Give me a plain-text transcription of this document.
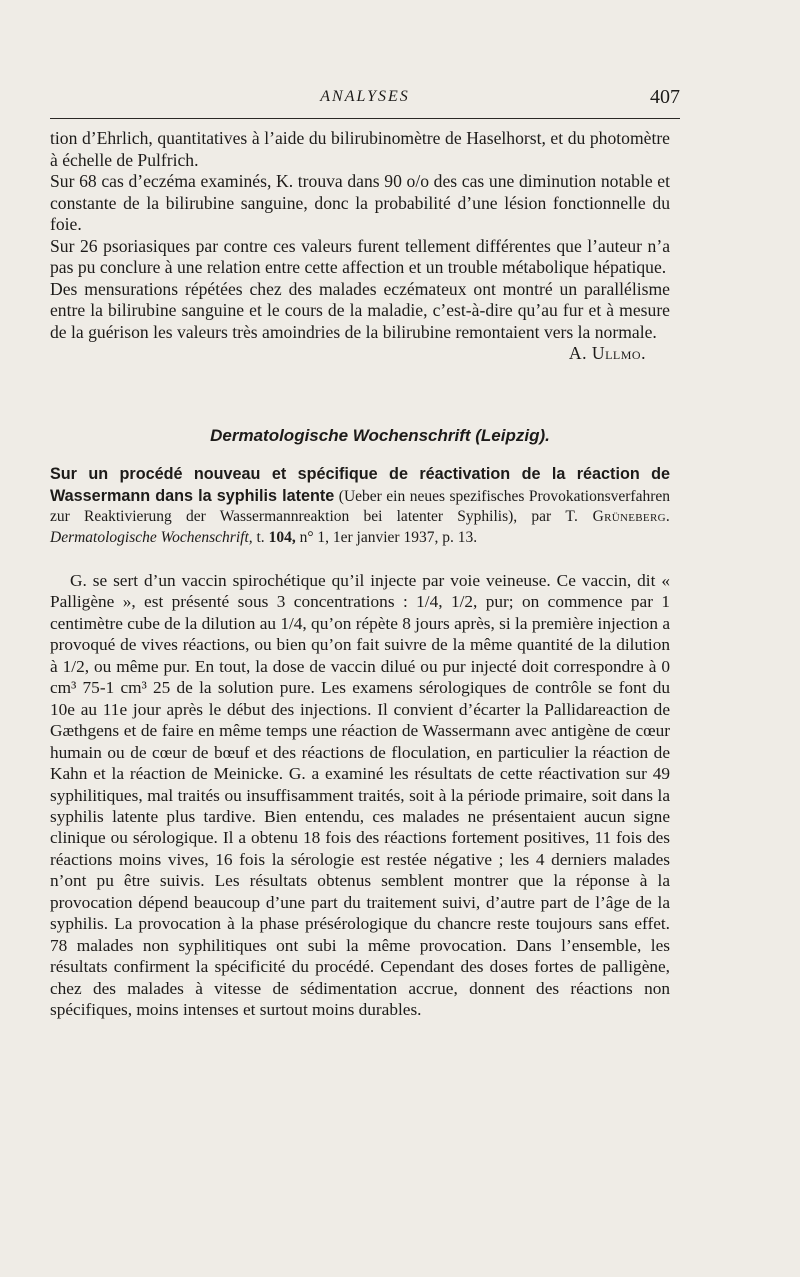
ANALYSES	407

tion d’Ehrlich, quantitatives à l’aide du bilirubinomètre de Haselhorst, et du photomètre à échelle de Pulfrich.

Sur 68 cas d’eczéma examinés, K. trouva dans 90 o/o des cas une diminution notable et constante de la bilirubine sanguine, donc la probabilité d’une lésion fonctionnelle du foie.

Sur 26 psoriasiques par contre ces valeurs furent tellement différentes que l’auteur n’a pas pu conclure à une relation entre cette affection et un trouble métabolique hépatique.

Des mensurations répétées chez des malades eczémateux ont montré un parallélisme entre la bilirubine sanguine et le cours de la maladie, c’est-à-dire qu’au fur et à mesure de la guérison les valeurs très amoindries de la bilirubine remontaient vers la normale.
A. Ullmo.

Dermatologische Wochenschrift (Leipzig).
Sur un procédé nouveau et spécifique de réactivation de la réaction de Wassermann dans la syphilis latente (Ueber ein neues spezifisches Provokationsverfahren zur Reaktivierung der Wassermannreaktion bei latenter Syphilis), par T. Grüneberg. Dermatologische Wochenschrift, t. 104, n° 1, 1er janvier 1937, p. 13.

G. se sert d’un vaccin spirochétique qu’il injecte par voie veineuse. Ce vaccin, dit « Palligène », est présenté sous 3 concentrations : 1/4, 1/2, pur; on commence par 1 centimètre cube de la dilution au 1/4, qu’on répète 8 jours après, si la première injection a provoqué de vives réactions, ou bien qu’on fait suivre de la même quantité de la dilution à 1/2, ou même pur. En tout, la dose de vaccin dilué ou pur injecté doit correspondre à 0 cm³ 75-1 cm³ 25 de la solution pure. Les examens sérologiques de contrôle se font du 10e au 11e jour après le début des injections. Il convient d’écarter la Pallidareaction de Gæthgens et de faire en même temps une réaction de Wassermann avec antigène de cœur humain ou de cœur de bœuf et des réactions de floculation, en particulier la réaction de Kahn et la réaction de Meinicke. G. a examiné les résultats de cette réactivation sur 49 syphilitiques, mal traités ou insuffisamment traités, soit à la période primaire, soit dans la syphilis latente plus tardive. Bien entendu, ces malades ne présentaient aucun signe clinique ou sérologique. Il a obtenu 18 fois des réactions fortement positives, 11 fois des réactions moins vives, 16 fois la sérologie est restée négative ; les 4 derniers malades n’ont pu être suivis. Les résultats obtenus semblent montrer que la réponse à la provocation dépend beaucoup d’une part du traitement suivi, d’autre part de l’âge de la syphilis. La provocation à la phase présérologique du chancre reste toujours sans effet. 78 malades non syphilitiques ont subi la même provocation. Dans l’ensemble, les résultats confirment la spécificité du procédé. Cependant des doses fortes de palligène, chez des malades à vitesse de sédimentation accrue, donnent des réactions non spécifiques, moins intenses et surtout moins durables.
